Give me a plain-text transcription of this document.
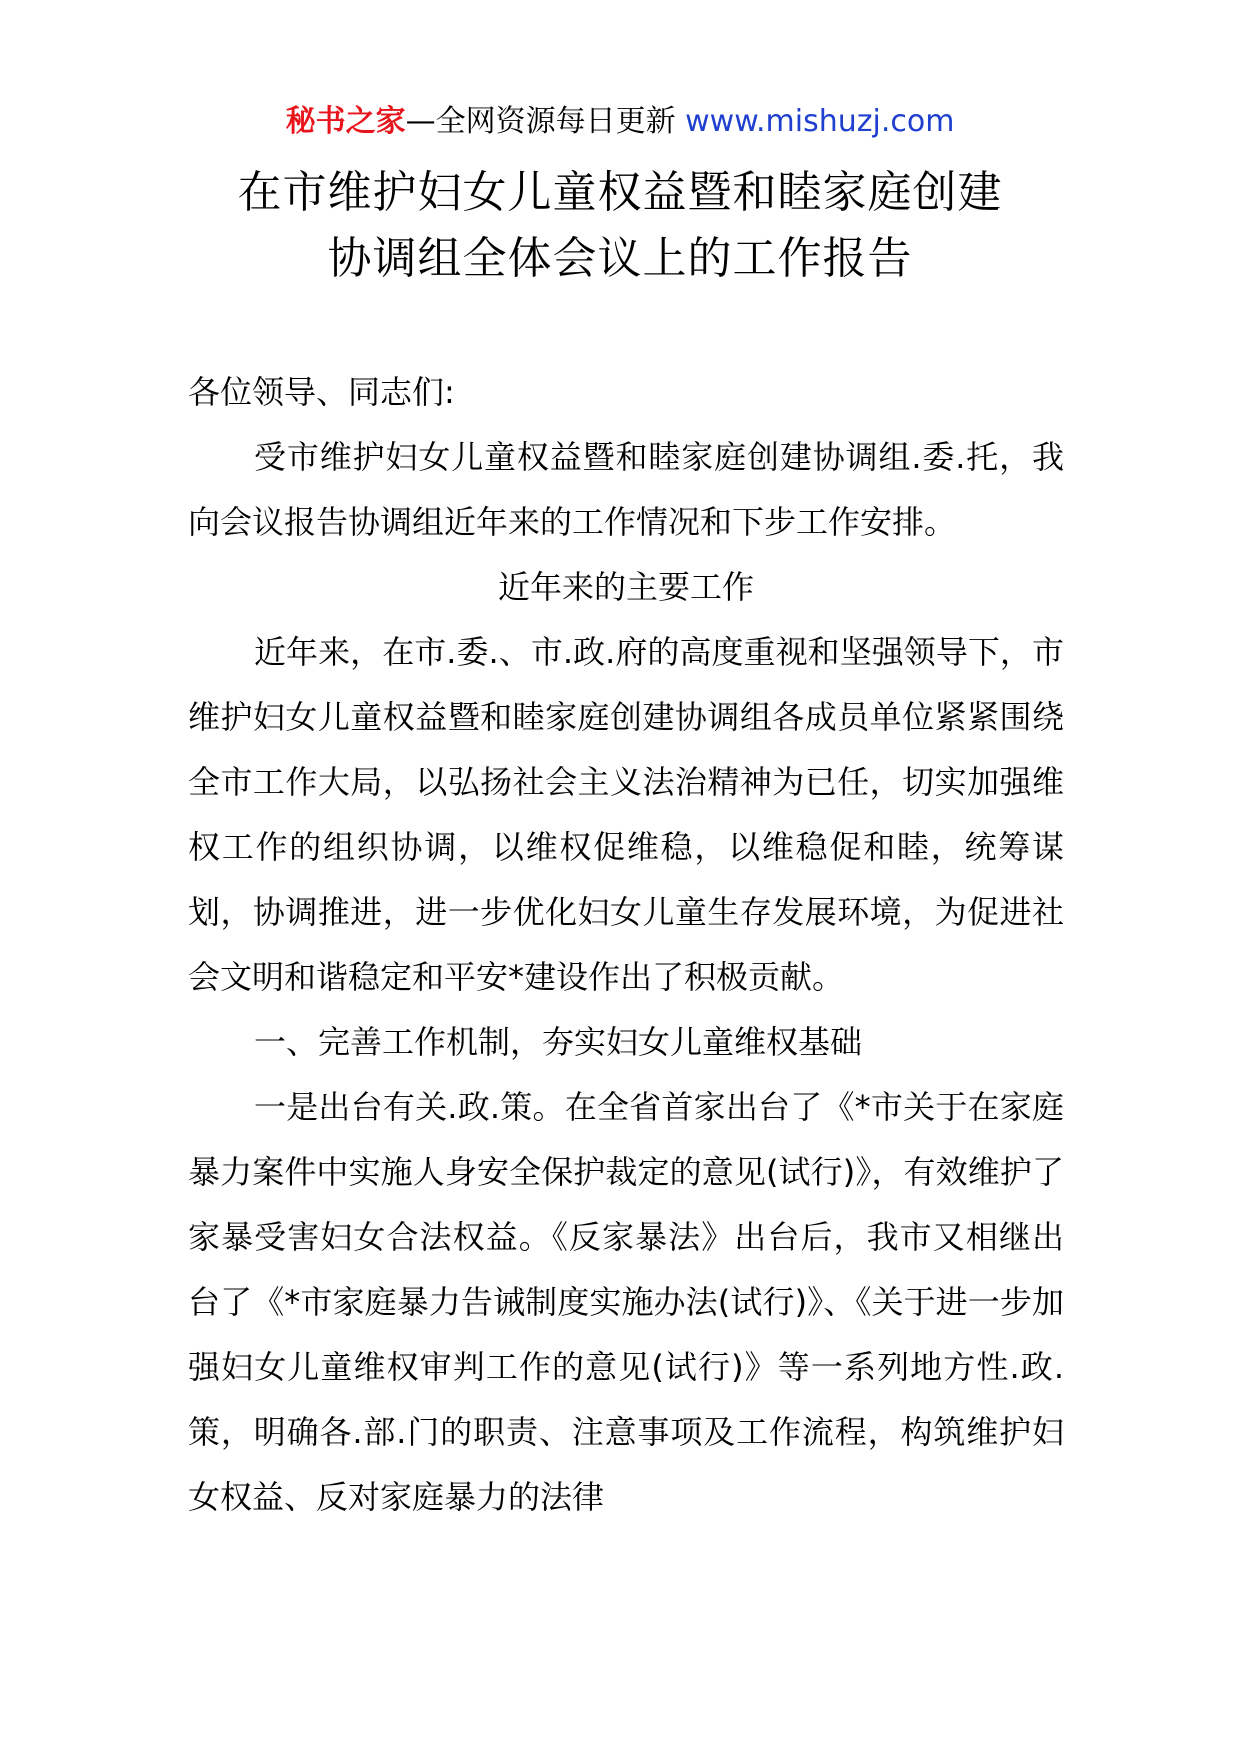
秘书之家—全网资源每日更新 www.mishuzj.com
在市维护妇女儿童权益暨和睦家庭创建
协调组全体会议上的工作报告

各位领导、同志们:

受市维护妇女儿童权益暨和睦家庭创建协调组.委.托，我向会议报告协调组近年来的工作情况和下步工作安排。

近年来的主要工作

近年来，在市.委.、市.政.府的高度重视和坚强领导下，市维护妇女儿童权益暨和睦家庭创建协调组各成员单位紧紧围绕全市工作大局，以弘扬社会主义法治精神为已任，切实加强维权工作的组织协调，以维权促维稳，以维稳促和睦，统筹谋划，协调推进，进一步优化妇女儿童生存发展环境，为促进社会文明和谐稳定和平安*建设作出了积极贡献。

一、完善工作机制，夯实妇女儿童维权基础

一是出台有关.政.策。在全省首家出台了《*市关于在家庭暴力案件中实施人身安全保护裁定的意见(试行)》，有效维护了家暴受害妇女合法权益。《反家暴法》出台后，我市又相继出台了《*市家庭暴力告诫制度实施办法(试行)》、《关于进一步加强妇女儿童维权审判工作的意见(试行)》等一系列地方性.政.策，明确各.部.门的职责、注意事项及工作流程，构筑维护妇女权益、反对家庭暴力的法律
